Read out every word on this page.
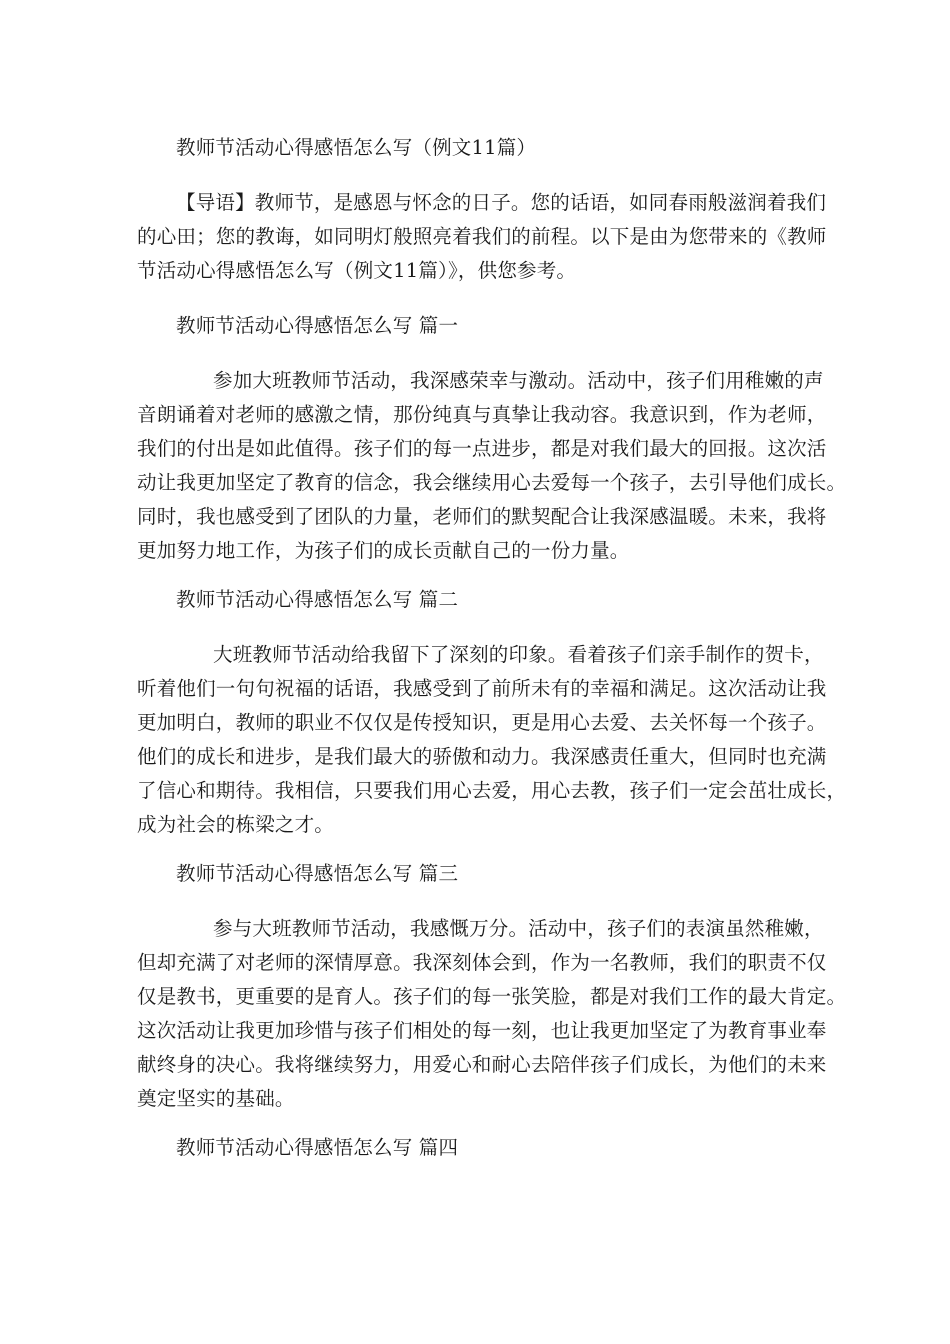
教师节活动心得感悟怎么写（例文11篇）
【导语】教师节，是感恩与怀念的日子。您的话语，如同春雨般滋润着我们
的心田；您的教诲，如同明灯般照亮着我们的前程。以下是由为您带来的《教师
节活动心得感悟怎么写（例文11篇）》，供您参考。
教师节活动心得感悟怎么写 篇一
参加大班教师节活动，我深感荣幸与激动。活动中，孩子们用稚嫩的声
音朗诵着对老师的感激之情，那份纯真与真挚让我动容。我意识到，作为老师，
我们的付出是如此值得。孩子们的每一点进步，都是对我们最大的回报。这次活
动让我更加坚定了教育的信念，我会继续用心去爱每一个孩子，去引导他们成长。
同时，我也感受到了团队的力量，老师们的默契配合让我深感温暖。未来，我将
更加努力地工作，为孩子们的成长贡献自己的一份力量。
教师节活动心得感悟怎么写 篇二
大班教师节活动给我留下了深刻的印象。看着孩子们亲手制作的贺卡，
听着他们一句句祝福的话语，我感受到了前所未有的幸福和满足。这次活动让我
更加明白，教师的职业不仅仅是传授知识，更是用心去爱、去关怀每一个孩子。
他们的成长和进步，是我们最大的骄傲和动力。我深感责任重大，但同时也充满
了信心和期待。我相信，只要我们用心去爱，用心去教，孩子们一定会茁壮成长，
成为社会的栋梁之才。
教师节活动心得感悟怎么写 篇三
参与大班教师节活动，我感慨万分。活动中，孩子们的表演虽然稚嫩，
但却充满了对老师的深情厚意。我深刻体会到，作为一名教师，我们的职责不仅
仅是教书，更重要的是育人。孩子们的每一张笑脸，都是对我们工作的最大肯定。
这次活动让我更加珍惜与孩子们相处的每一刻，也让我更加坚定了为教育事业奉
献终身的决心。我将继续努力，用爱心和耐心去陪伴孩子们成长，为他们的未来
奠定坚实的基础。
教师节活动心得感悟怎么写 篇四
